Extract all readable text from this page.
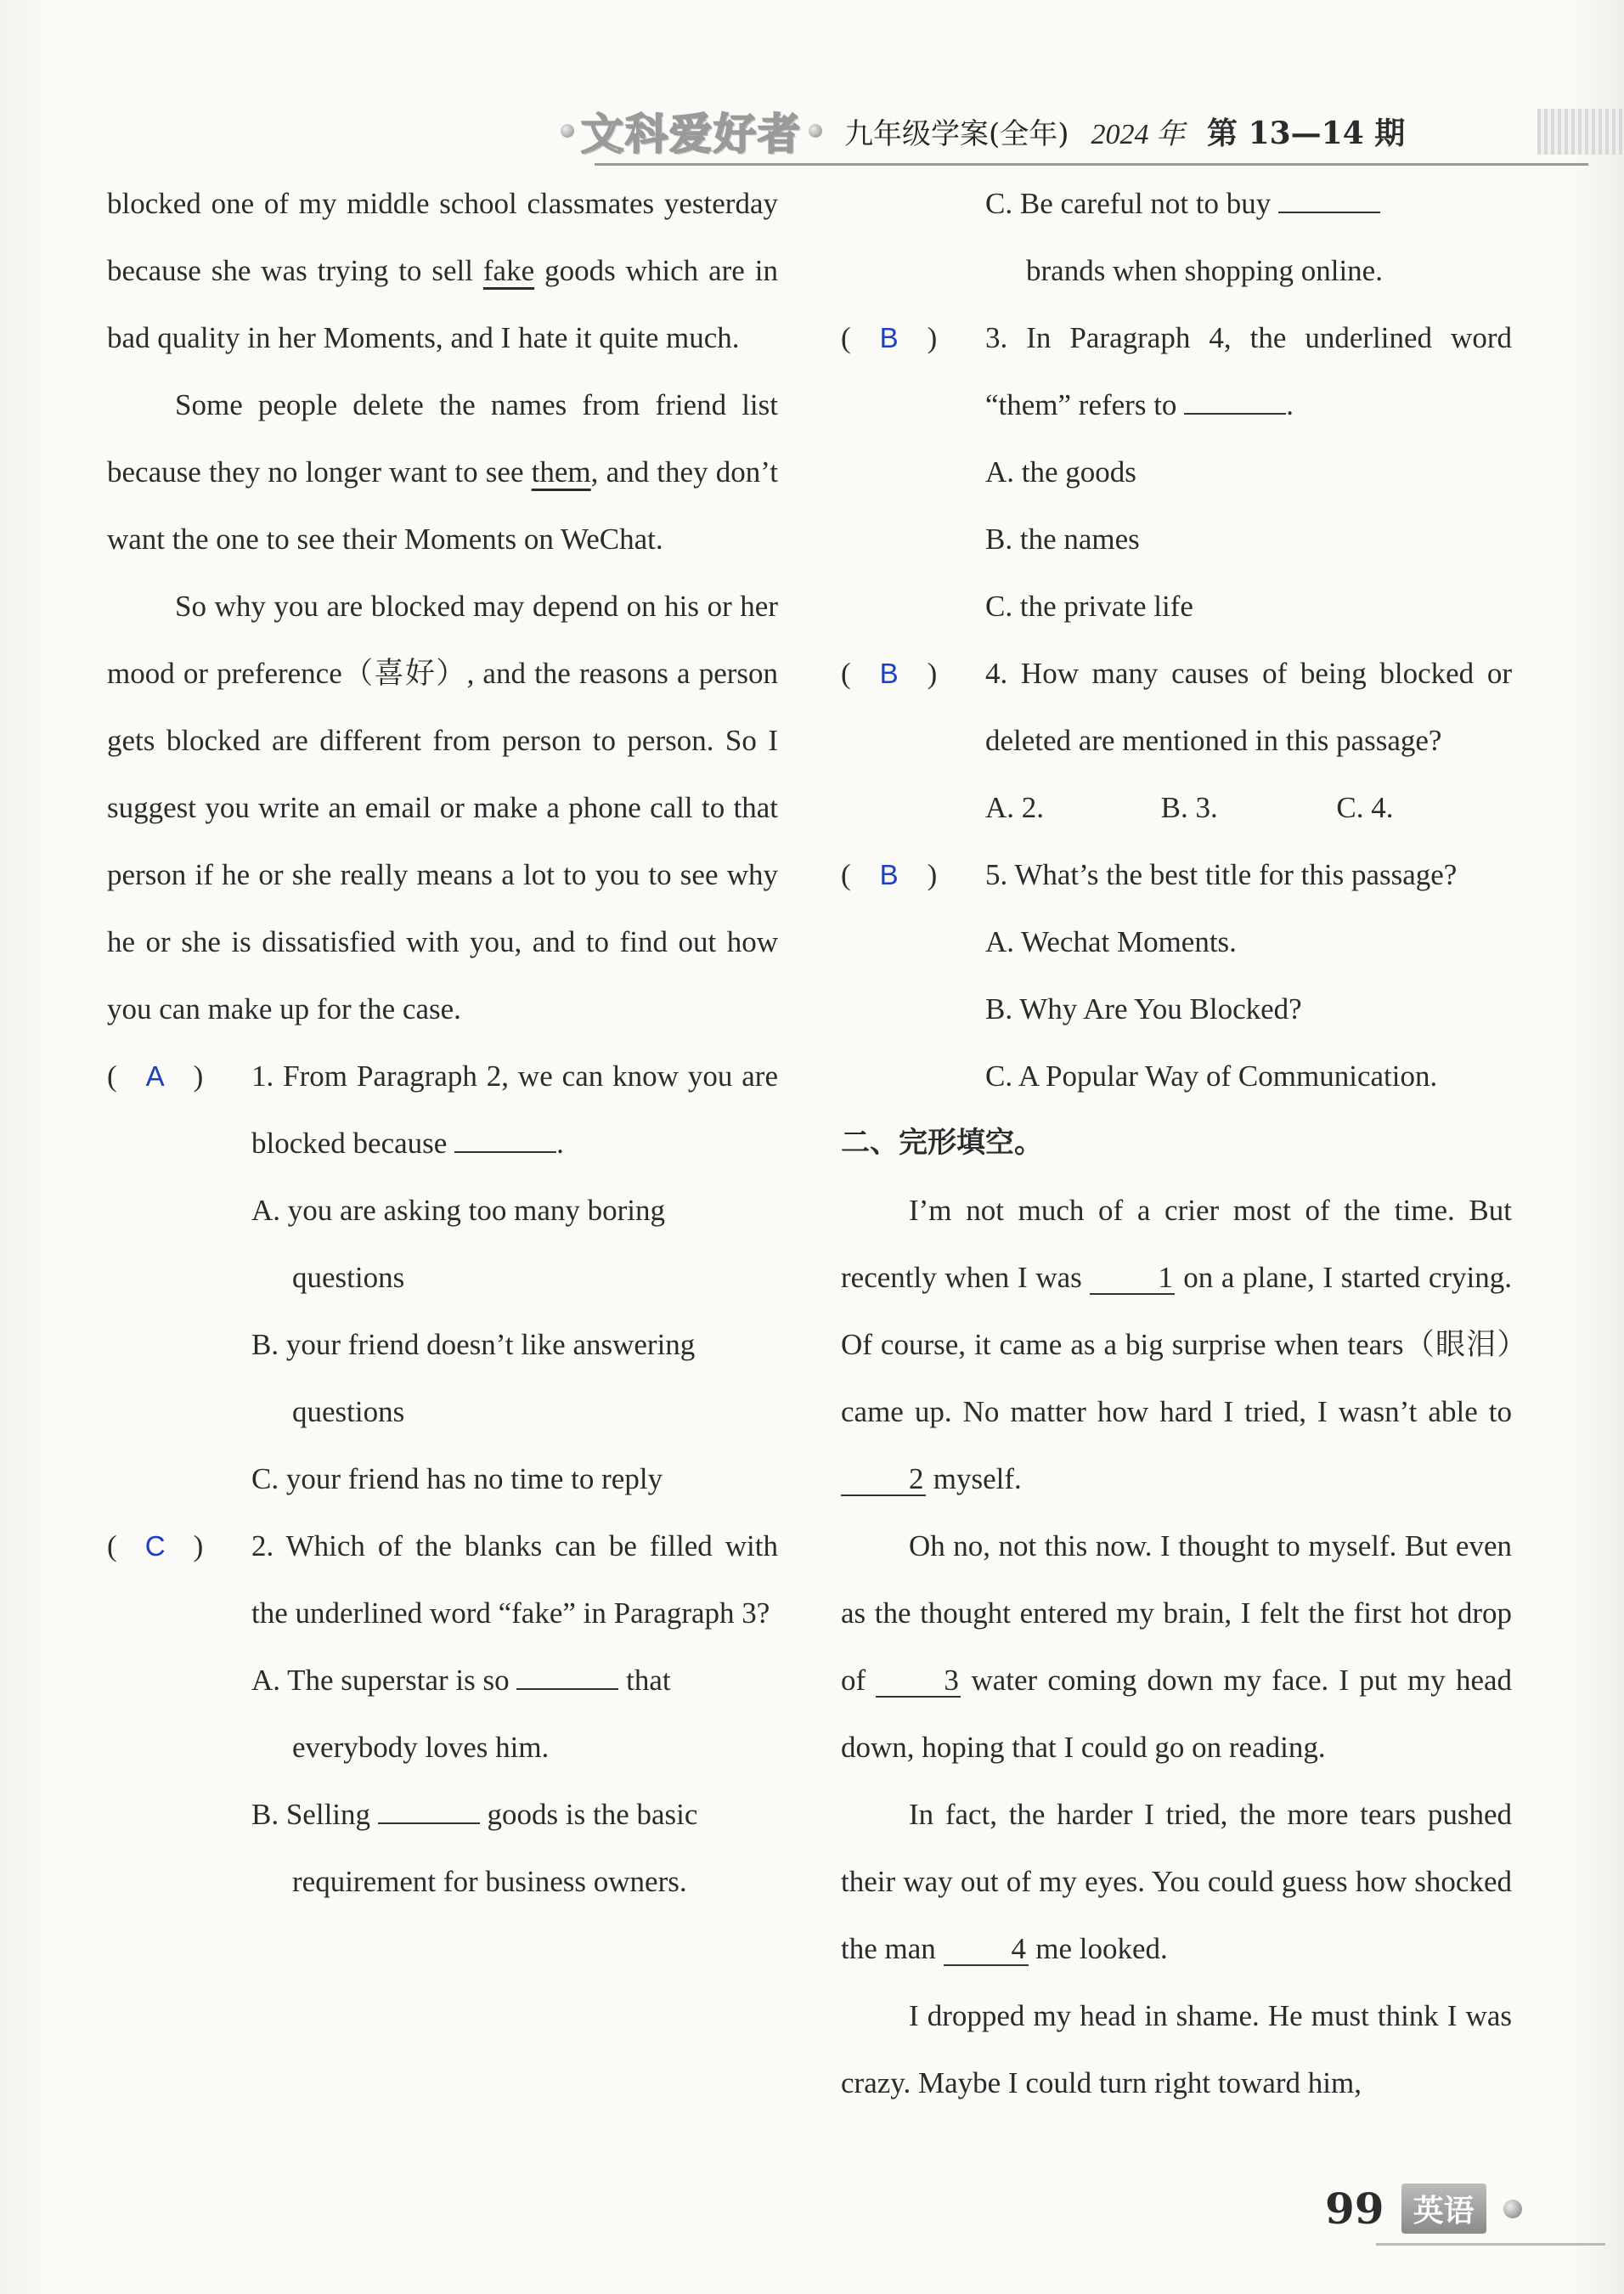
文科爱好者 九年级学案(全年) 2024 年 第 13—14 期

blocked one of my middle school classmates yesterday because she was trying to sell fake goods which are in bad quality in her Moments, and I hate it quite much.

Some people delete the names from friend list because they no longer want to see them, and they don’t want the one to see their Moments on WeChat.

So why you are blocked may depend on his or her mood or preference（喜好）, and the reasons a person gets blocked are different from person to person. So I suggest you write an email or make a phone call to that person if he or she really means a lot to you to see why he or she is dissatisfied with you, and to find out how you can make up for the case.

(	A )	1. From Paragraph 2, we can know you are blocked because	.
A. you are asking too many boring
questions
B. your friend doesn’t like answering
questions
C. your friend has no time to reply
(	C )	2. Which of the blanks can be filled with the underlined word “fake” in Paragraph 3?
A. The superstar is so	that
everybody loves him.
B. Selling	goods is the basic
requirement for business owners.
C. Be careful not to buy
brands when shopping online.
(	B )	3. In Paragraph 4, the underlined word “them” refers to	.
A. the goods
B. the names
C. the private life
(	B )	4. How many causes of being blocked or deleted are mentioned in this passage?
A. 2.	B. 3.	C. 4.
(	B )	5. What’s the best title for this passage?
A. Wechat Moments.
B. Why Are You Blocked?
C. A Popular Way of Communication.
二、完形填空。

I’m not much of a crier most of the time. But recently when I was	1 on a plane, I started crying. Of course, it came as a big surprise when tears（眼泪）came up. No matter how hard I tried, I wasn’t able to 2 myself.

Oh no, not this now. I thought to myself. But even as the thought entered my brain, I felt the first hot drop of	3 water coming down my face. I put my head down, hoping that I could go on reading.

In fact, the harder I tried, the more tears pushed their way out of my eyes. You could guess how shocked the man	4 me looked.

I dropped my head in shame. He must think I was crazy. Maybe I could turn right toward him,

99 英语
